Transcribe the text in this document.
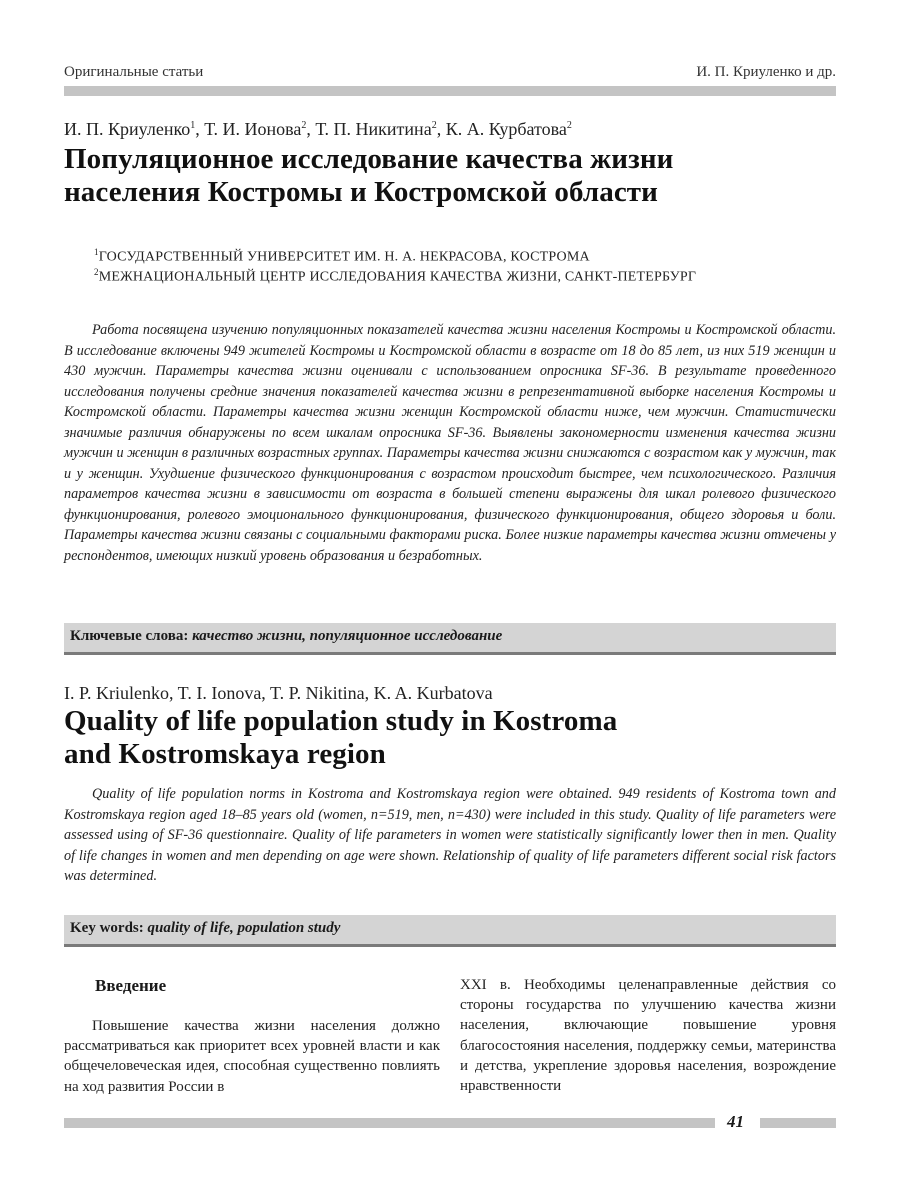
Оригинальные статьи	И. П. Криуленко и др.
И. П. Криуленко$^1$, Т. И. Ионова$^2$, Т. П. Никитина$^2$, К. А. Курбатова$^2$
Популяционное исследование качества жизни
населения Костромы и Костромской области
$^1$ГОСУДАРСТВЕННЫЙ УНИВЕРСИТЕТ ИМ. Н. А. НЕКРАСОВА, КОСТРОМА
$^2$МЕЖНАЦИОНАЛЬНЫЙ ЦЕНТР ИССЛЕДОВАНИЯ КАЧЕСТВА ЖИЗНИ, САНКТ-ПЕТЕРБУРГ
Работа посвящена изучению популяционных показателей качества жизни населения Костромы и Костромской области. В исследование включены 949 жителей Костромы и Костромской области в возрасте от 18 до 85 лет, из них 519 женщин и 430 мужчин. Параметры качества жизни оценивали с использованием опросника SF-36. В результате проведенного исследования получены средние значения показателей качества жизни в репрезентативной выборке населения Костромы и Костромской области. Параметры качества жизни женщин Костромской области ниже, чем мужчин. Статистически значимые различия обнаружены по всем шкалам опросника SF-36. Выявлены закономерности изменения качества жизни мужчин и женщин в различных возрастных группах. Параметры качества жизни снижаются с возрастом как у мужчин, так и у женщин. Ухудшение физического функционирования с возрастом происходит быстрее, чем психологического. Различия параметров качества жизни в зависимости от возраста в большей степени выражены для шкал ролевого физического функционирования, ролевого эмоционального функционирования, физического функционирования, общего здоровья и боли. Параметры качества жизни связаны с социальными факторами риска. Более низкие параметры качества жизни отмечены у респондентов, имеющих низкий уровень образования и безработных.
Ключевые слова: качество жизни, популяционное исследование
I. P. Kriulenko, T. I. Ionova, T. P. Nikitina, K. A. Kurbatova
Quality of life population study in Kostroma
and Kostromskaya region
Quality of life population norms in Kostroma and Kostromskaya region were obtained. 949 residents of Kostroma town and Kostromskaya region aged 18–85 years old (women, n=519, men, n=430) were included in this study. Quality of life parameters were assessed using of SF-36 questionnaire. Quality of life parameters in women were statistically significantly lower then in men. Quality of life changes in women and men depending on age were shown. Relationship of quality of life parameters different social risk factors was determined.
Key words: quality of life, population study
Введение
Повышение качества жизни населения должно рассматриваться как приоритет всех уровней власти и как общечеловеческая идея, способная существенно повлиять на ход развития России в
XXI в. Необходимы целенаправленные действия со стороны государства по улучшению качества жизни населения, включающие повышение уровня благосостояния населения, поддержку семьи, материнства и детства, укрепление здоровья населения, возрождение нравственности
41
